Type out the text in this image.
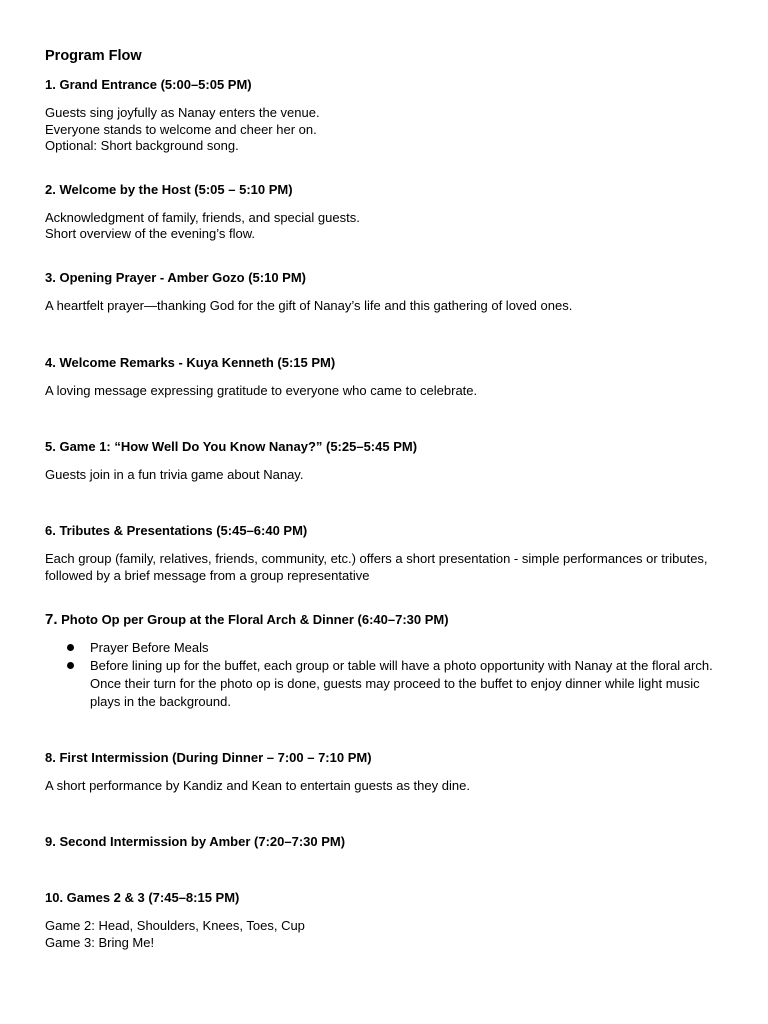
Program Flow
1. Grand Entrance (5:00–5:05 PM)
Guests sing joyfully as Nanay enters the venue.
Everyone stands to welcome and cheer her on.
Optional: Short background song.
2. Welcome by the Host (5:05 – 5:10 PM)
Acknowledgment of family, friends, and special guests.
Short overview of the evening’s flow.
3. Opening Prayer - Amber Gozo (5:10 PM)
A heartfelt prayer—thanking God for the gift of Nanay’s life and this gathering of loved ones.
4. Welcome Remarks - Kuya Kenneth (5:15 PM)
A loving message expressing gratitude to everyone who came to celebrate.
5. Game 1: “How Well Do You Know Nanay?” (5:25–5:45 PM)
Guests join in a fun trivia game about Nanay.
6. Tributes & Presentations (5:45–6:40 PM)
Each group (family, relatives, friends, community, etc.) offers a short presentation - simple performances or tributes, followed by a brief message from a group representative
7. Photo Op per Group at the Floral Arch & Dinner (6:40–7:30 PM)
Prayer Before Meals
Before lining up for the buffet, each group or table will have a photo opportunity with Nanay at the floral arch. Once their turn for the photo op is done, guests may proceed to the buffet to enjoy dinner while light music plays in the background.
8. First Intermission (During Dinner – 7:00 – 7:10 PM)
A short performance by Kandiz and Kean to entertain guests as they dine.
9. Second Intermission by Amber (7:20–7:30 PM)
10. Games 2 & 3 (7:45–8:15 PM)
Game 2: Head, Shoulders, Knees, Toes, Cup
Game 3: Bring Me!
